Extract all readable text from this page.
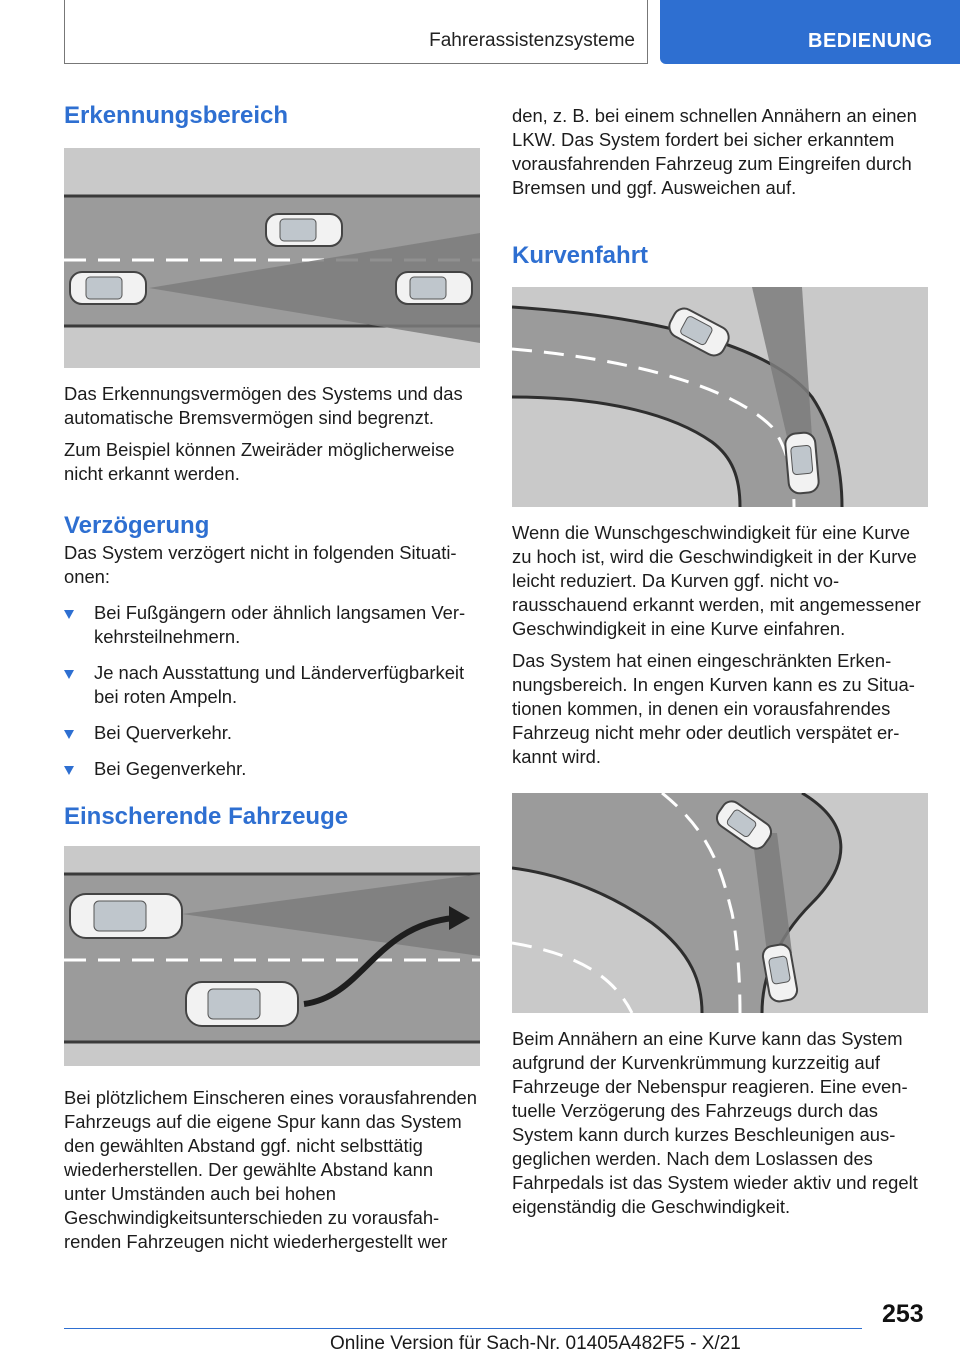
Fahrerassistenzsysteme	BEDIENUNG
Erkennungsbereich

Das Erkennungsvermögen des Systems und das automatische Bremsvermögen sind begrenzt.

Zum Beispiel können Zweiräder möglicherweise nicht erkannt werden.

Verzögerung

Das System verzögert nicht in folgenden Situationen:

Bei Fußgängern oder ähnlich langsamen Verkehrsteilnehmern.
Je nach Ausstattung und Länderverfügbarkeit bei roten Ampeln.
Bei Querverkehr.
Bei Gegenverkehr.
Einscherende Fahrzeuge

Bei plötzlichem Einscheren eines vorausfahrenden Fahrzeugs auf die eigene Spur kann das System den gewählten Abstand ggf. nicht selbsttätig wiederherstellen. Der gewählte Abstand kann unter Umständen auch bei hohen Geschwindigkeitsunterschieden zu vorausfahrenden Fahrzeugen nicht wiederhergestellt wer

den, z. B. bei einem schnellen Annähern an einen LKW. Das System fordert bei sicher erkanntem vorausfahrenden Fahrzeug zum Eingreifen durch Bremsen und ggf. Ausweichen auf.

Kurvenfahrt

Wenn die Wunschgeschwindigkeit für eine Kurve zu hoch ist, wird die Geschwindigkeit in der Kurve leicht reduziert. Da Kurven ggf. nicht vorausschauend erkannt werden, mit angemessener Geschwindigkeit in eine Kurve einfahren.

Das System hat einen eingeschränkten Erkennungsbereich. In engen Kurven kann es zu Situationen kommen, in denen ein vorausfahrendes Fahrzeug nicht mehr oder deutlich verspätet erkannt wird.

Beim Annähern an eine Kurve kann das System aufgrund der Kurvenkrümmung kurzzeitig auf Fahrzeuge der Nebenspur reagieren. Eine eventuelle Verzögerung des Fahrzeugs durch das System kann durch kurzes Beschleunigen ausgeglichen werden. Nach dem Loslassen des Fahrpedals ist das System wieder aktiv und regelt eigenständig die Geschwindigkeit.

253
Online Version für Sach-Nr. 01405A482F5 - X/21
